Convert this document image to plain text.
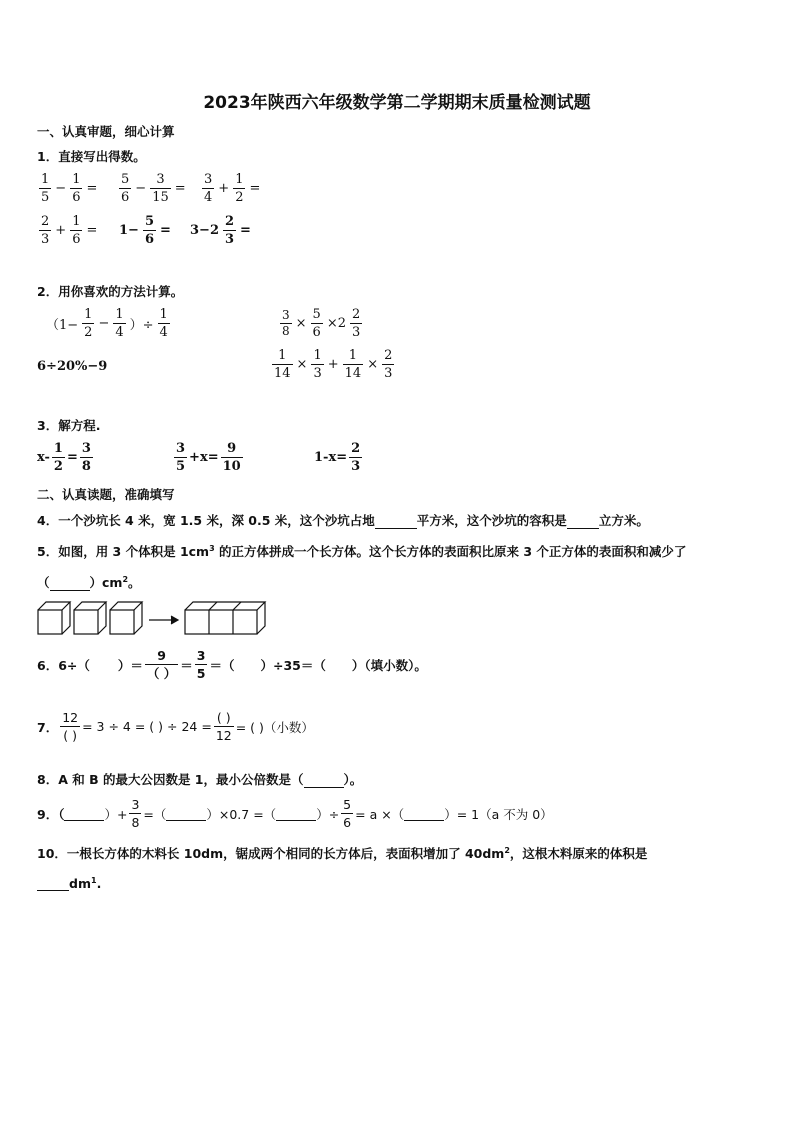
2023年陕西六年级数学第二学期期末质量检测试题
一、认真审题，细心计算
1．直接写出得数。
$\frac{1}{5} - \frac{1}{6} = \frac{5}{6} - \frac{3}{15} = \frac{3}{4} + \frac{1}{2}$ =
$\frac{2}{3} + \frac{1}{6} = 1- \frac{5}{6} = 3-2 \frac{2}{3}$ =
2．用你喜欢的方法计算。
（$1- \frac{1}{2} - \frac{1}{4}$ ）÷ $\frac{1}{4}$	$\frac{3}{8} \times \frac{5}{6} \times 2 \frac{2}{3}$
6÷20%−9	$\frac{1}{14} \times \frac{1}{3} + \frac{1}{14} \times \frac{2}{3}$
3．解方程.
$x- \frac{1}{2} = \frac{3}{8}$	$\frac{3}{5} +x= \frac{9}{10}$	$1-x= \frac{2}{3}$
二、认真读题，准确填写
4．一个沙坑长 4 米，宽 1.5 米，深 0.5 米，这个沙坑占地	平方米，这个沙坑的容积是	立方米。
5．如图，用 3 个体积是 $1cm^3$ 的正方体拼成一个长方体。这个长方体的表面积比原来 3 个正方体的表面积和减少了
（	）$cm^2$。
6．6÷（ ）＝
9
（ ）
＝ $\frac{3}{5}$ ＝（ ）÷35＝（ ）（填小数）。
7．
12
( )
= 3 ÷ 4 = ( ) ÷ 24 =
( )
12
= ( )（小数）
8．A 和 B 的最大公因数是 1，最小公倍数是（	）。
9．（	）+ $\frac{3}{8}$ =（	）×0.7 =（	）÷ $\frac{5}{6} = a$ ×（	）= 1（a 不为 0）
10．一根长方体的木料长 10dm，锯成两个相同的长方体后，表面积增加了 $40dm^2$，这根木料原来的体积是
$dm^1$.
